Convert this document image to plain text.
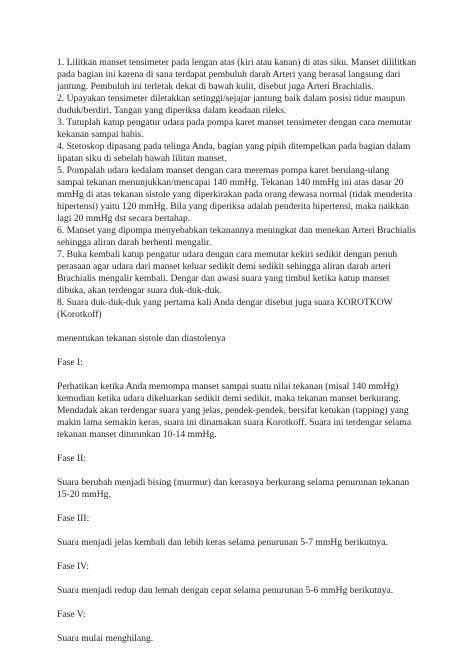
1. Lilitkan manset tensimeter pada lengan atas (kiri atau kanan) di atas siku. Manset dililitkan
pada bagian ini karena di sana terdapat pembuluh darah Arteri yang berasal langsung dari
jantung. Pembuluh ini terletak dekat di bawah kulit, disebut juga Arteri Brachialis.
2. Upayakan tensimeter diletakkan setinggi/sejajar jantung baik dalam posisi tidur maupun
duduk/berdiri. Tangan yang diperiksa dalam keadaan rileks.
3. Tutuplah katup pengatur udara pada pompa karet manset tensimeter dengan cara memutar
kekanan sampai habis.
4. Stetoskop dipasang pada telinga Anda, bagian yang pipih ditempelkan pada bagian dalam
lipatan siku di sebelah bawah lilitan manset.
5. Pompalah udara kedalam manset dengan cara meremas pompa karet berulang-ulang
sampai tekanan menunjukkan/mencapai 140 mmHg. Tekanan 140 mmHg ini atas dasar 20
mmHg di atas tekanan sistole yang diperkirakan pada orang dewasa normal (tidak menderita
hipertensi) yaitu 120 mmHg. Bila yang diperiksa adalah penderita hipertensi, maka naikkan
lagi 20 mmHg dst secara bertahap.
6. Manset yang dipompa menyebabkan tekanannya meningkat dan menekan Arteri Brachialis
sehingga aliran darah berhenti mengalir.
7. Buka kembali katup pengatur udara dengan cara memutar kekiri sedikit dengan penuh
perasaan agar udara dari manset keluar sedikit demi sedikit sehingga aliran darah arteri
Brachialis mengalir kembali. Dengar dan awasi suara yang timbul ketika katup manset
dibuka, akan terdengar suara duk-duk-duk.
8. Suara duk-duk-duk yang pertama kali Anda dengar disebut juga suara KOROTKOW
(Korotkoff)
menentukan tekanan sistole dan diastolenya
Fase I:
Perhatikan ketika Anda memompa manset sampai suatu nilai tekanan (misal 140 mmHg)
kemudian ketika udara dikeluarkan sedikit demi sedikit, maka tekanan manset berkurang.
Mendadak akan terdengar suara yang jelas, pendek-pendek, bersifat ketukan (tapping) yang
makin lama semakin keras, suara ini dinamakan suara Korotkoff. Suara ini terdengar selama
tekanan manset diturunkan 10-14 mmHg.
Fase II:
Suara berubah menjadi bising (murmur) dan kerasnya berkurang selama penurunan tekanan
15-20 mmHg.
Fase III:
Suara menjadi jelas kembali dan lebih keras selama penurunan 5-7 mmHg berikutnya.
Fase IV:
Suara menjadi redup dan lemah dengan cepat selama penurunan 5-6 mmHg berikutnya.
Fase V:
Suara mulai menghilang.
